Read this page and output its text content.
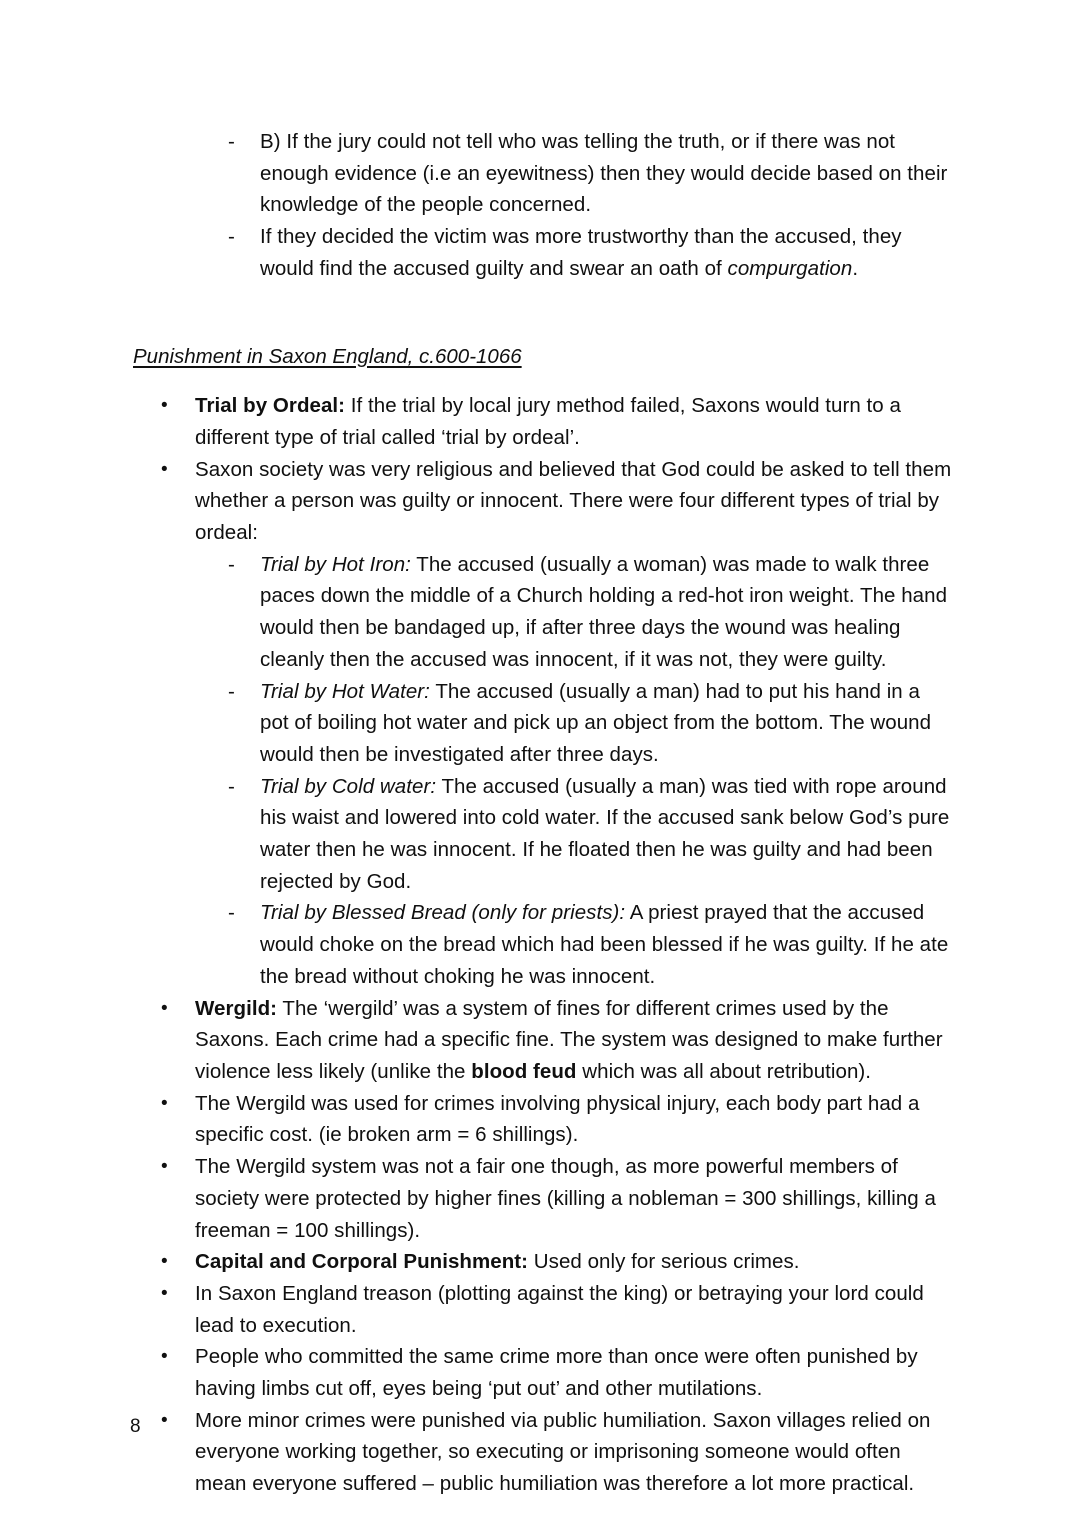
- B) If the jury could not tell who was telling the truth, or if there was not enough evidence (i.e an eyewitness) then they would decide based on their knowledge of the people concerned.
- If they decided the victim was more trustworthy than the accused, they would find the accused guilty and swear an oath of compurgation.
Punishment in Saxon England, c.600-1066
• Trial by Ordeal: If the trial by local jury method failed, Saxons would turn to a different type of trial called ‘trial by ordeal’.
• Saxon society was very religious and believed that God could be asked to tell them whether a person was guilty or innocent. There were four different types of trial by ordeal:
- Trial by Hot Iron: The accused (usually a woman) was made to walk three paces down the middle of a Church holding a red-hot iron weight. The hand would then be bandaged up, if after three days the wound was healing cleanly then the accused was innocent, if it was not, they were guilty.
- Trial by Hot Water: The accused (usually a man) had to put his hand in a pot of boiling hot water and pick up an object from the bottom. The wound would then be investigated after three days.
- Trial by Cold water: The accused (usually a man) was tied with rope around his waist and lowered into cold water. If the accused sank below God’s pure water then he was innocent. If he floated then he was guilty and had been rejected by God.
- Trial by Blessed Bread (only for priests): A priest prayed that the accused would choke on the bread which had been blessed if he was guilty. If he ate the bread without choking he was innocent.
• Wergild: The ‘wergild’ was a system of fines for different crimes used by the Saxons. Each crime had a specific fine. The system was designed to make further violence less likely (unlike the blood feud which was all about retribution).
• The Wergild was used for crimes involving physical injury, each body part had a specific cost. (ie broken arm = 6 shillings).
• The Wergild system was not a fair one though, as more powerful members of society were protected by higher fines (killing a nobleman = 300 shillings, killing a freeman = 100 shillings).
• Capital and Corporal Punishment: Used only for serious crimes.
• In Saxon England treason (plotting against the king) or betraying your lord could lead to execution.
• People who committed the same crime more than once were often punished by having limbs cut off, eyes being ‘put out’ and other mutilations.
• More minor crimes were punished via public humiliation. Saxon villages relied on everyone working together, so executing or imprisoning someone would often mean everyone suffered – public humiliation was therefore a lot more practical.
8
